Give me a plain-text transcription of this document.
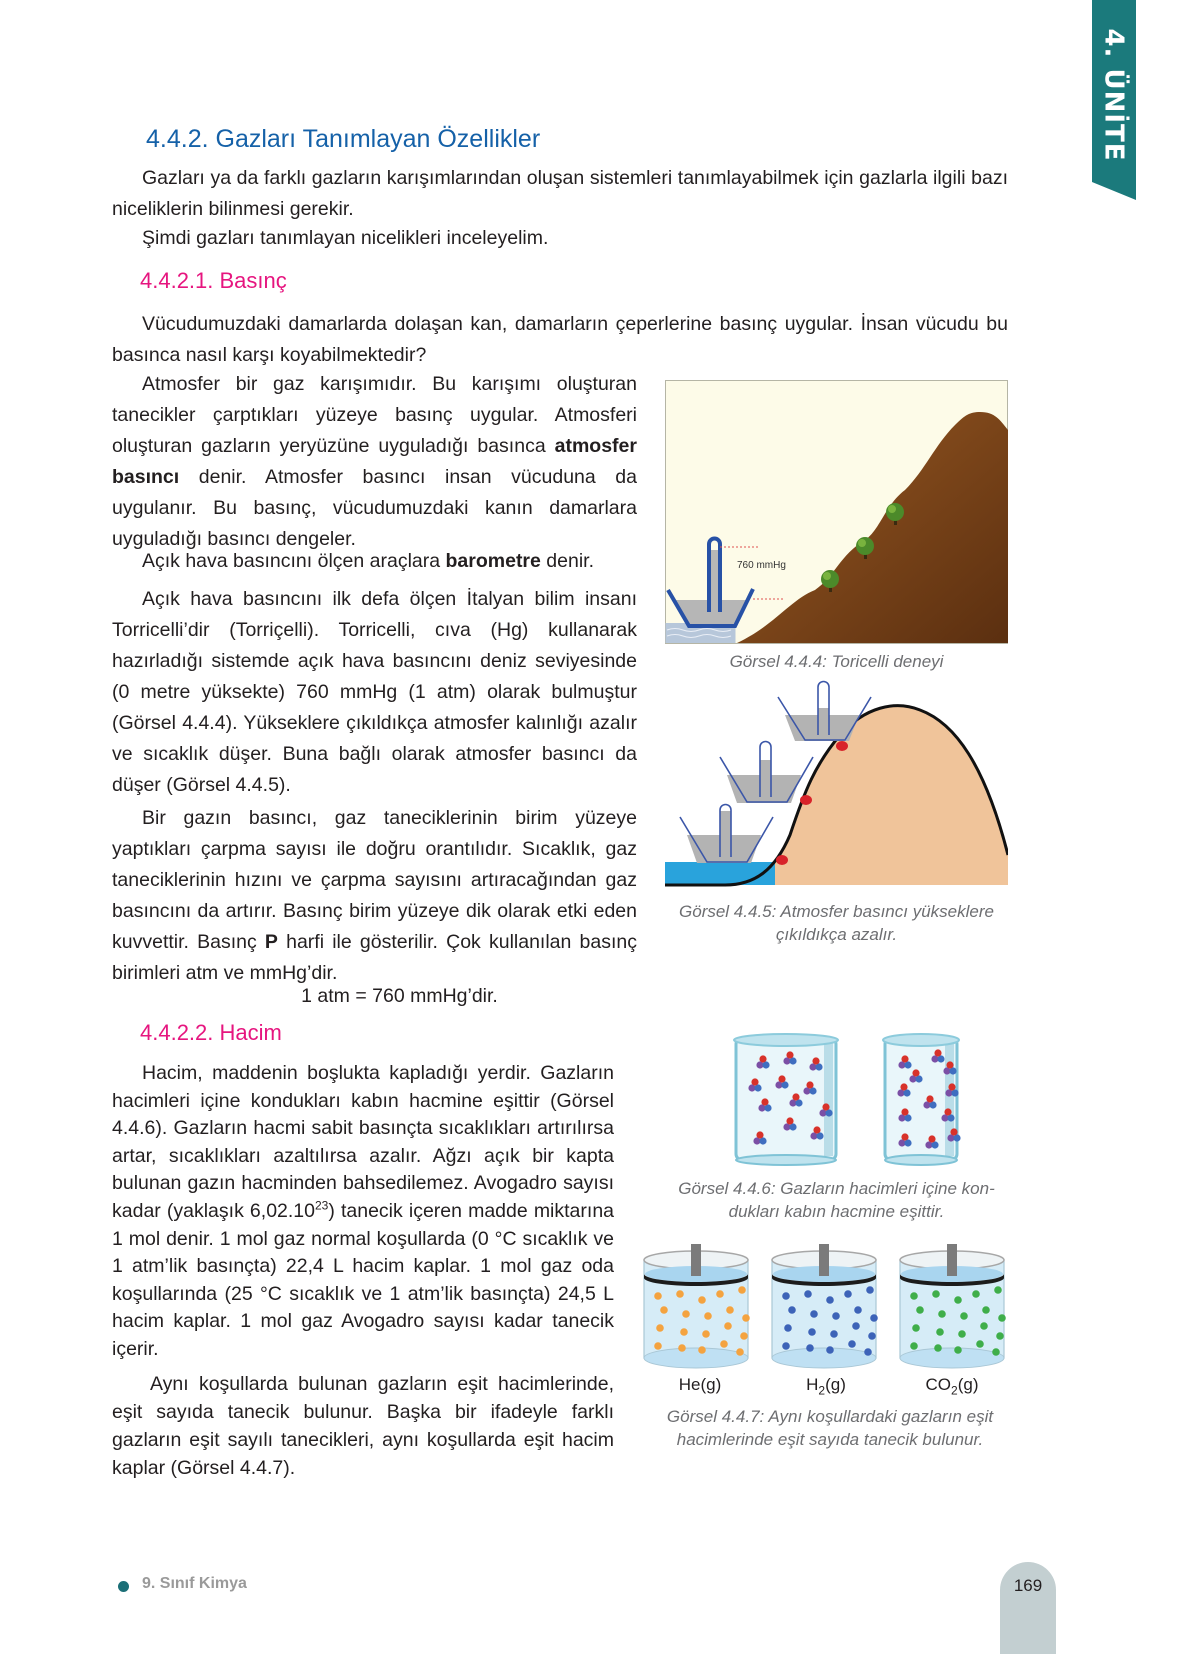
4. ÜNİTE
4.4.2. Gazları Tanımlayan Özellikler

Gazları ya da farklı gazların karışımlarından oluşan sistemleri tanımlayabilmek için gazlarla ilgili bazı niceliklerin bilinmesi gerekir.

Şimdi gazları tanımlayan nicelikleri inceleyelim.

4.4.2.1. Basınç

Vücudumuzdaki damarlarda dolaşan kan, damarların çeperlerine basınç uygular. İnsan vücudu bu basınca nasıl karşı koyabilmektedir?

Atmosfer bir gaz karışımıdır. Bu karışımı oluşturan tanecikler çarptıkları yüzeye basınç uygular. Atmosferi oluşturan gazların yeryüzüne uyguladığı basınca atmosfer basıncı denir. Atmosfer basıncı insan vücuduna da uygulanır. Bu basınç, vücudumuzdaki kanın damarlara uyguladığı basıncı dengeler.

Açık hava basıncını ölçen araçlara barometre denir.

Açık hava basıncını ilk defa ölçen İtalyan bilim insanı Torricelli’dir (Torriçelli). Torricelli, cıva (Hg) kullanarak hazırladığı sistemde açık hava basıncını deniz seviyesinde (0 metre yüksekte) 760 mmHg (1 atm) olarak bulmuştur (Görsel 4.4.4). Yükseklere çıkıldıkça atmosfer kalınlığı azalır ve sıcaklık düşer. Buna bağlı olarak atmosfer basıncı da düşer (Görsel 4.4.5).

Bir gazın basıncı, gaz taneciklerinin birim yüzeye yaptıkları çarpma sayısı ile doğru orantılıdır. Sıcaklık, gaz taneciklerinin hızını ve çarpma sayısını artıracağından gaz basıncını da artırır. Basınç birim yüzeye dik olarak etki eden kuvvettir. Basınç P harfi ile gösterilir. Çok kullanılan basınç birimleri atm ve mmHg’dir.

1 atm = 760 mmHg’dir.

4.4.2.2. Hacim

Hacim, maddenin boşlukta kapladığı yerdir. Gazların hacimleri içine kondukları kabın hacmine eşittir (Görsel 4.4.6). Gazların hacmi sabit basınçta sıcaklıkları artırılırsa artar, sıcaklıkları azaltılırsa azalır. Ağzı açık bir kapta bulunan gazın hacminden bahsedilemez. Avogadro sayısı kadar (yaklaşık 6,02.10$^{23}$) tanecik içeren madde miktarına 1 mol denir. 1 mol gaz normal koşullarda (0 °C sıcaklık ve 1 atm’lik basınçta) 22,4 L hacim kaplar. 1 mol gaz oda koşullarında (25 °C sıcaklık ve 1 atm’lik basınçta) 24,5 L hacim kaplar. 1 mol gaz Avogadro sayısı kadar tanecik içerir.

Aynı koşullarda bulunan gazların eşit hacimlerinde, eşit sayıda tanecik bulunur. Başka bir ifadeyle farklı gazların eşit sayılı tanecikleri, aynı koşullarda eşit hacim kaplar (Görsel 4.4.7).

760 mmHg
Görsel 4.4.4: Toricelli deneyi
Görsel 4.4.5: Atmosfer basıncı yükseklere
çıkıldıkça azalır.
Görsel 4.4.6: Gazların hacimleri içine kon-
dukları kabın hacmine eşittir.
He(g)	$H_2(g)$	$CO_2(g)$
Görsel 4.4.7: Aynı koşullardaki gazların eşit
hacimlerinde eşit sayıda tanecik bulunur.
9. Sınıf Kimya	169
